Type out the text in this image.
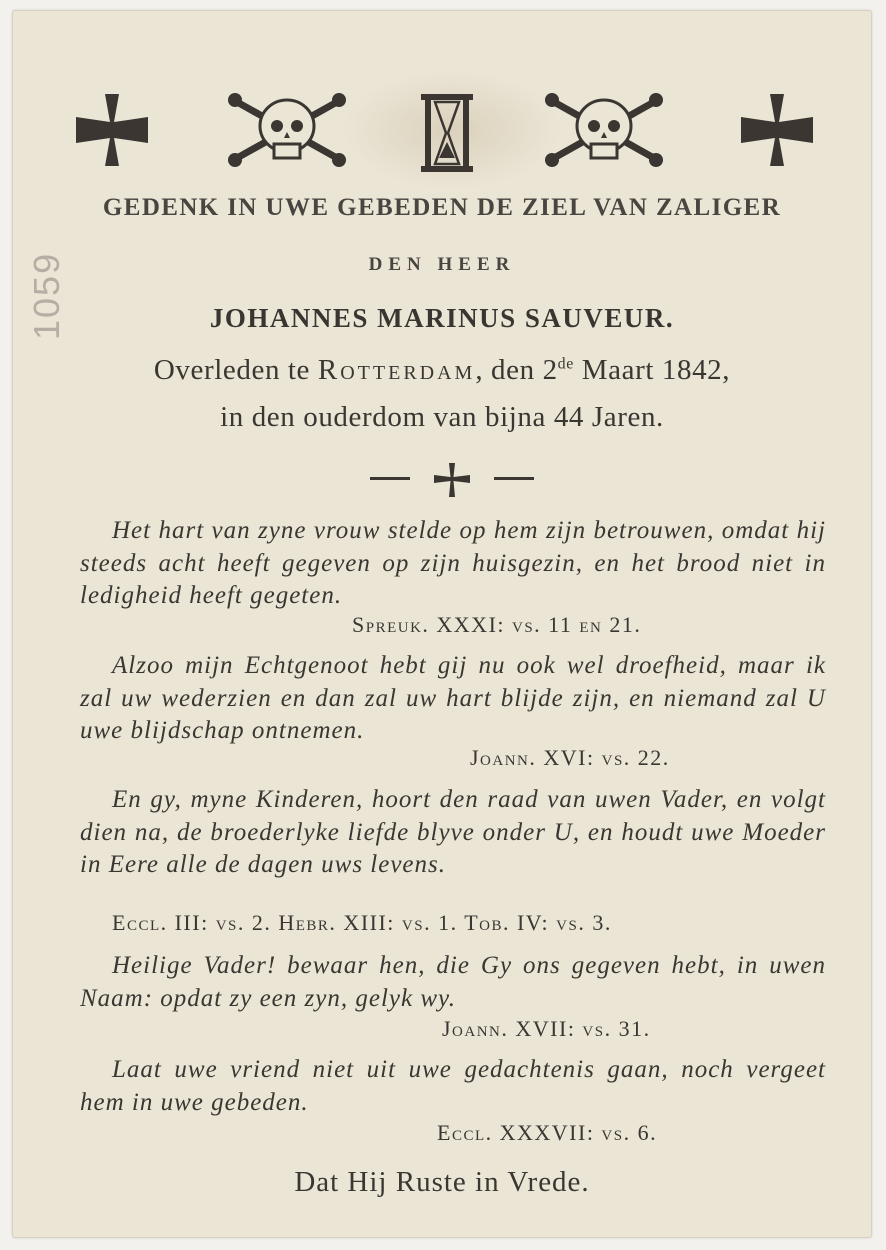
1059
GEDENK IN UWE GEBEDEN DE ZIEL VAN ZALIGER
DEN HEER
JOHANNES MARINUS SAUVEUR.
Overleden te Rotterdam, den 2de Maart 1842,
in den ouderdom van bijna 44 Jaren.
Het hart van zyne vrouw stelde op hem zijn betrouwen, omdat hij steeds acht heeft gegeven op zijn huisgezin, en het brood niet in ledigheid heeft gegeten.
Spreuk. XXXI: vs. 11 en 21.
Alzoo mijn Echtgenoot hebt gij nu ook wel droefheid, maar ik zal uw wederzien en dan zal uw hart blijde zijn, en niemand zal U uwe blijdschap ontnemen.
Joann. XVI: vs. 22.
En gy, myne Kinderen, hoort den raad van uwen Vader, en volgt dien na, de broederlyke liefde blyve onder U, en houdt uwe Moeder in Eere alle de dagen uws levens.
Eccl. III: vs. 2. Hebr. XIII: vs. 1. Tob. IV: vs. 3.
Heilige Vader! bewaar hen, die Gy ons gegeven hebt, in uwen Naam: opdat zy een zyn, gelyk wy.
Joann. XVII: vs. 31.
Laat uwe vriend niet uit uwe gedachtenis gaan, noch vergeet hem in uwe gebeden.
Eccl. XXXVII: vs. 6.
Dat Hij Ruste in Vrede.
